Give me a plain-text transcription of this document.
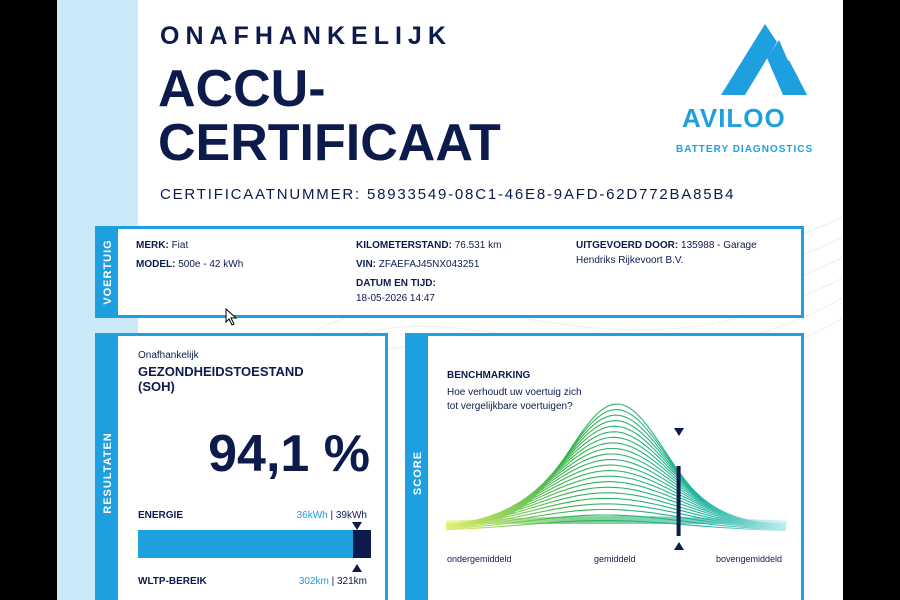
ONAFHANKELIJK
ACCU-
CERTIFICAAT
CERTIFICAATNUMMER: 58933549-08C1-46E8-9AFD-62D772BA85B4
AVILOO
BATTERY DIAGNOSTICS
VOERTUIG MERK: Fiat
MODEL: 500e - 42 kWh
KILOMETERSTAND: 76.531 km
VIN: ZFAEFAJ45NX043251
DATUM EN TIJD:
18-05-2026 14:47
UITGEVOERD DOOR: 135988 - Garage
Hendriks Rijkevoort B.V.
RESULTATEN
Onafhankelijk
GEZONDHEIDSTOESTAND
(SOH)
94,1 %
ENERGIE	36kWh | 39kWh
WLTP-BEREIK	302km | 321km
SCORE
BENCHMARKING
Hoe verhoudt uw voertuig zich tot vergelijkbare voertuigen?
ondergemiddeld	gemiddeld	bovengemiddeld
